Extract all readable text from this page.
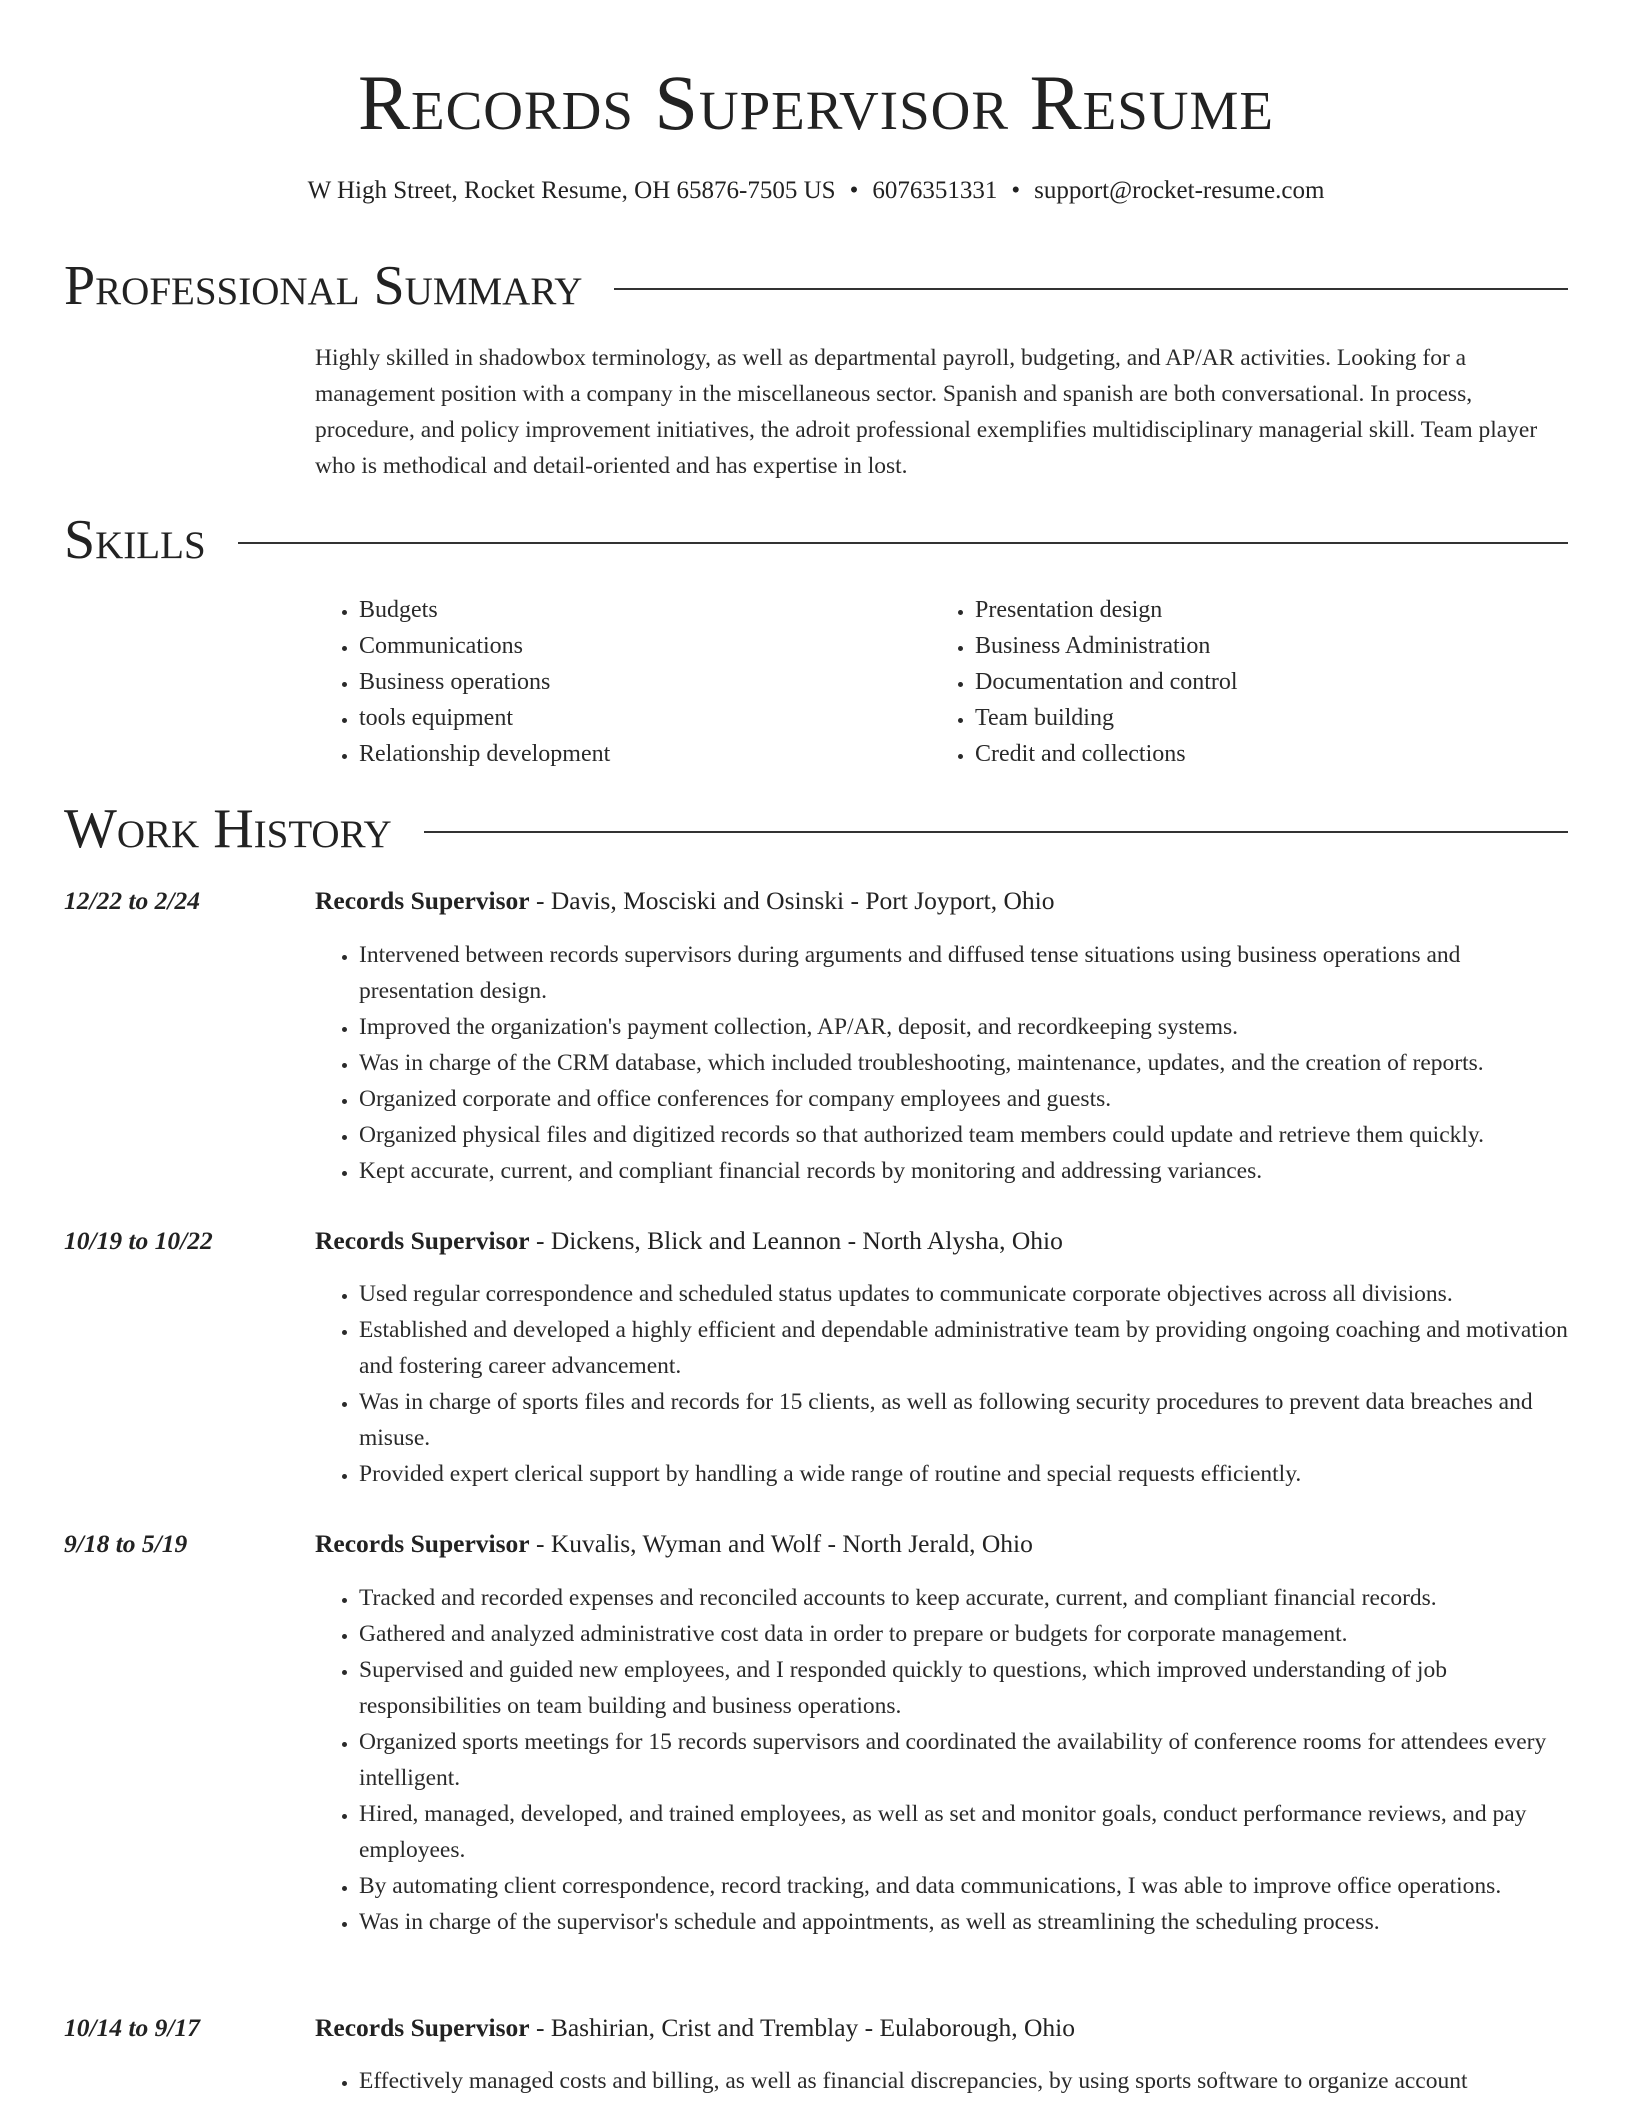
Records Supervisor Resume
W High Street, Rocket Resume, OH 65876-7505 US • 6076351331 • support@rocket-resume.com
Professional Summary

Highly skilled in shadowbox terminology, as well as departmental payroll, budgeting, and AP/AR activities. Looking for a management position with a company in the miscellaneous sector. Spanish and spanish are both conversational. In process, procedure, and policy improvement initiatives, the adroit professional exemplifies multidisciplinary managerial skill. Team player who is methodical and detail-oriented and has expertise in lost.

Skills
• Budgets
• Communications
• Business operations
• tools equipment
• Relationship development
• Presentation design
• Business Administration
• Documentation and control
• Team building
• Credit and collections
Work History
12/22 to 2/24	Records Supervisor - Davis, Mosciski and Osinski - Port Joyport, Ohio
• Intervened between records supervisors during arguments and diffused tense situations using business operations and presentation design.
• Improved the organization's payment collection, AP/AR, deposit, and recordkeeping systems.
• Was in charge of the CRM database, which included troubleshooting, maintenance, updates, and the creation of reports.
• Organized corporate and office conferences for company employees and guests.
• Organized physical files and digitized records so that authorized team members could update and retrieve them quickly.
• Kept accurate, current, and compliant financial records by monitoring and addressing variances.
10/19 to 10/22	Records Supervisor - Dickens, Blick and Leannon - North Alysha, Ohio
• Used regular correspondence and scheduled status updates to communicate corporate objectives across all divisions.
• Established and developed a highly efficient and dependable administrative team by providing ongoing coaching and motivation and fostering career advancement.
• Was in charge of sports files and records for 15 clients, as well as following security procedures to prevent data breaches and misuse.
• Provided expert clerical support by handling a wide range of routine and special requests efficiently.
9/18 to 5/19	Records Supervisor - Kuvalis, Wyman and Wolf - North Jerald, Ohio
• Tracked and recorded expenses and reconciled accounts to keep accurate, current, and compliant financial records.
• Gathered and analyzed administrative cost data in order to prepare or budgets for corporate management.
• Supervised and guided new employees, and I responded quickly to questions, which improved understanding of job responsibilities on team building and business operations.
• Organized sports meetings for 15 records supervisors and coordinated the availability of conference rooms for attendees every intelligent.
• Hired, managed, developed, and trained employees, as well as set and monitor goals, conduct performance reviews, and pay employees.
• By automating client correspondence, record tracking, and data communications, I was able to improve office operations.
• Was in charge of the supervisor's schedule and appointments, as well as streamlining the scheduling process.
10/14 to 9/17	Records Supervisor - Bashirian, Crist and Tremblay - Eulaborough, Ohio
• Effectively managed costs and billing, as well as financial discrepancies, by using sports software to organize account
